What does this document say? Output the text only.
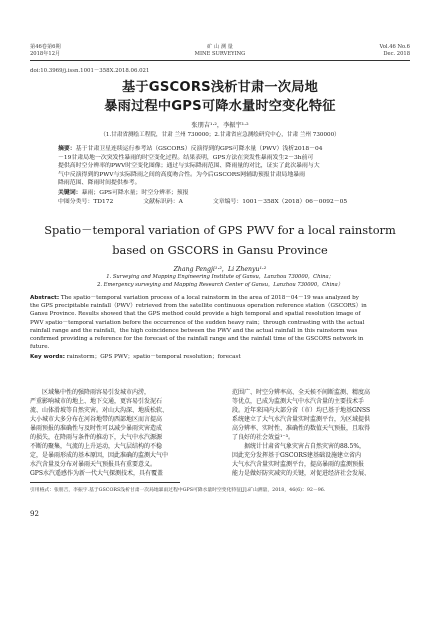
第46卷第6期
2018年12月
矿 山 测 量
MINE SURVEYING
Vol.46 No.6
Dec. 2018
doi:10.3969/j.issn.1001－358X.2018.06.021
基于GSCORS浅析甘肃一次局地
暴雨过程中GPS可降水量时空变化特征
张朋吉¹·²，李振宇¹·²
（1.甘肃省测绘工程院，甘肃 兰州 730000；2.甘肃省应急测绘研究中心，甘肃 兰州 730000）
摘要：基于甘肃卫星连续运行参考站（GSCORS）反演得到的GPS可降水量（PWV）浅析2018－04
－19甘肃局地一次突发性暴雨的时空变化过程。结果表明，GPS方法在突发性暴雨发生2－3h前可
提供高时空分辨率的PWV时空变化图像；通过与实际降雨范围、降雨量的对比，证实了此次暴雨与大
气中反演得到的PWV与实际降雨之间的高度吻合性。为今后GSCORS网辅助预报甘肃局地暴雨
降雨范围、降雨时间提供参考。
关键词：暴雨；GPS可降水量；时空分辨率；预报
中图分类号：TD172	文献标识码：A	文章编号：1001－358X（2018）06－0092－05
Spatio－temporal variation of GPS PWV for a local rainstorm
based on GSCORS in Gansu Province
Zhang Pengji¹·²，Li Zhenyu¹·²
1. Surveying and Mapping Engineering Institute of Gansu，Lanzhou 730000，China；
2. Emergency surveying and Mapping Research Center of Gansu，Lanzhou 730000，China）
Abstract: The spatio－temporal variation process of a local rainstorm in the area of 2018－04－19 was analyzed by
the GPS precipitable rainfall（PWV）retrieved from the satellite continuous operation reference station（GSCORS）in
Gansu Province. Results showed that the GPS method could provide a high temporal and spatial resolution image of
PWV spatio－temporal variation before the occurrence of the sudden heavy rain；through contrasting with the actual
rainfall range and the rainfall，the high coincidence between the PWV and the actual rainfall in this rainstorm was
confirmed providing a reference for the forecast of the rainfall range and the rainfall time of the GSCORS network in
future.
Key words: rainstorm；GPS PWV；spatio－temporal resolution；forecast

区域集中性的强降雨容易引发城市内涝，

严重影响城市的地上、地下交通，更容易引发泥石
流、山体滑坡等自然灾害。对山大沟深、地质松软、
大小城市大多分布在河谷地带的西部地区而言提高
暴雨预报的准确性与及时性可以减少暴雨灾害造成
的损失，在降雨与条件的推动下，大气中水汽源源
不断的聚集，气流的上升运动，大气层结构的不稳
定，是暴雨形成的基本原因，因此准确的监测大气中
水汽含量及分布对暴雨天气预报具有重要意义。
GPS水汽遥感作为新一代大气探测技术，具有覆盖
范围广、时空分辨率高、全天候不间断监测、精度高
等优点，已成为监测大气中水汽含量的主要技术手
段。近年来国内大部分省（市）均已基于地基GNSS
系统建立了大气水汽含量实时监测平台，为区域提供
高分辨率、实时性、准确性的数值天气预报，且取得
了良好的社会效益¹⁻³。

据统计甘肃省气象灾害占自然灾害的88.5%，

因此充分发挥基于GSCORS建基础设施建立省内
大气水汽含量实时监测平台，提高暴雨的监测预报
能力是做好防灾减灾的关键，对促进经济社会发展、
引用格式：张朋吉，李振宇.基于GSCORS浅析甘肃一次局地暴雨过程中GPS可降水量时空变化特征[J].矿山测量，2018，46(6)：92－96.
92
